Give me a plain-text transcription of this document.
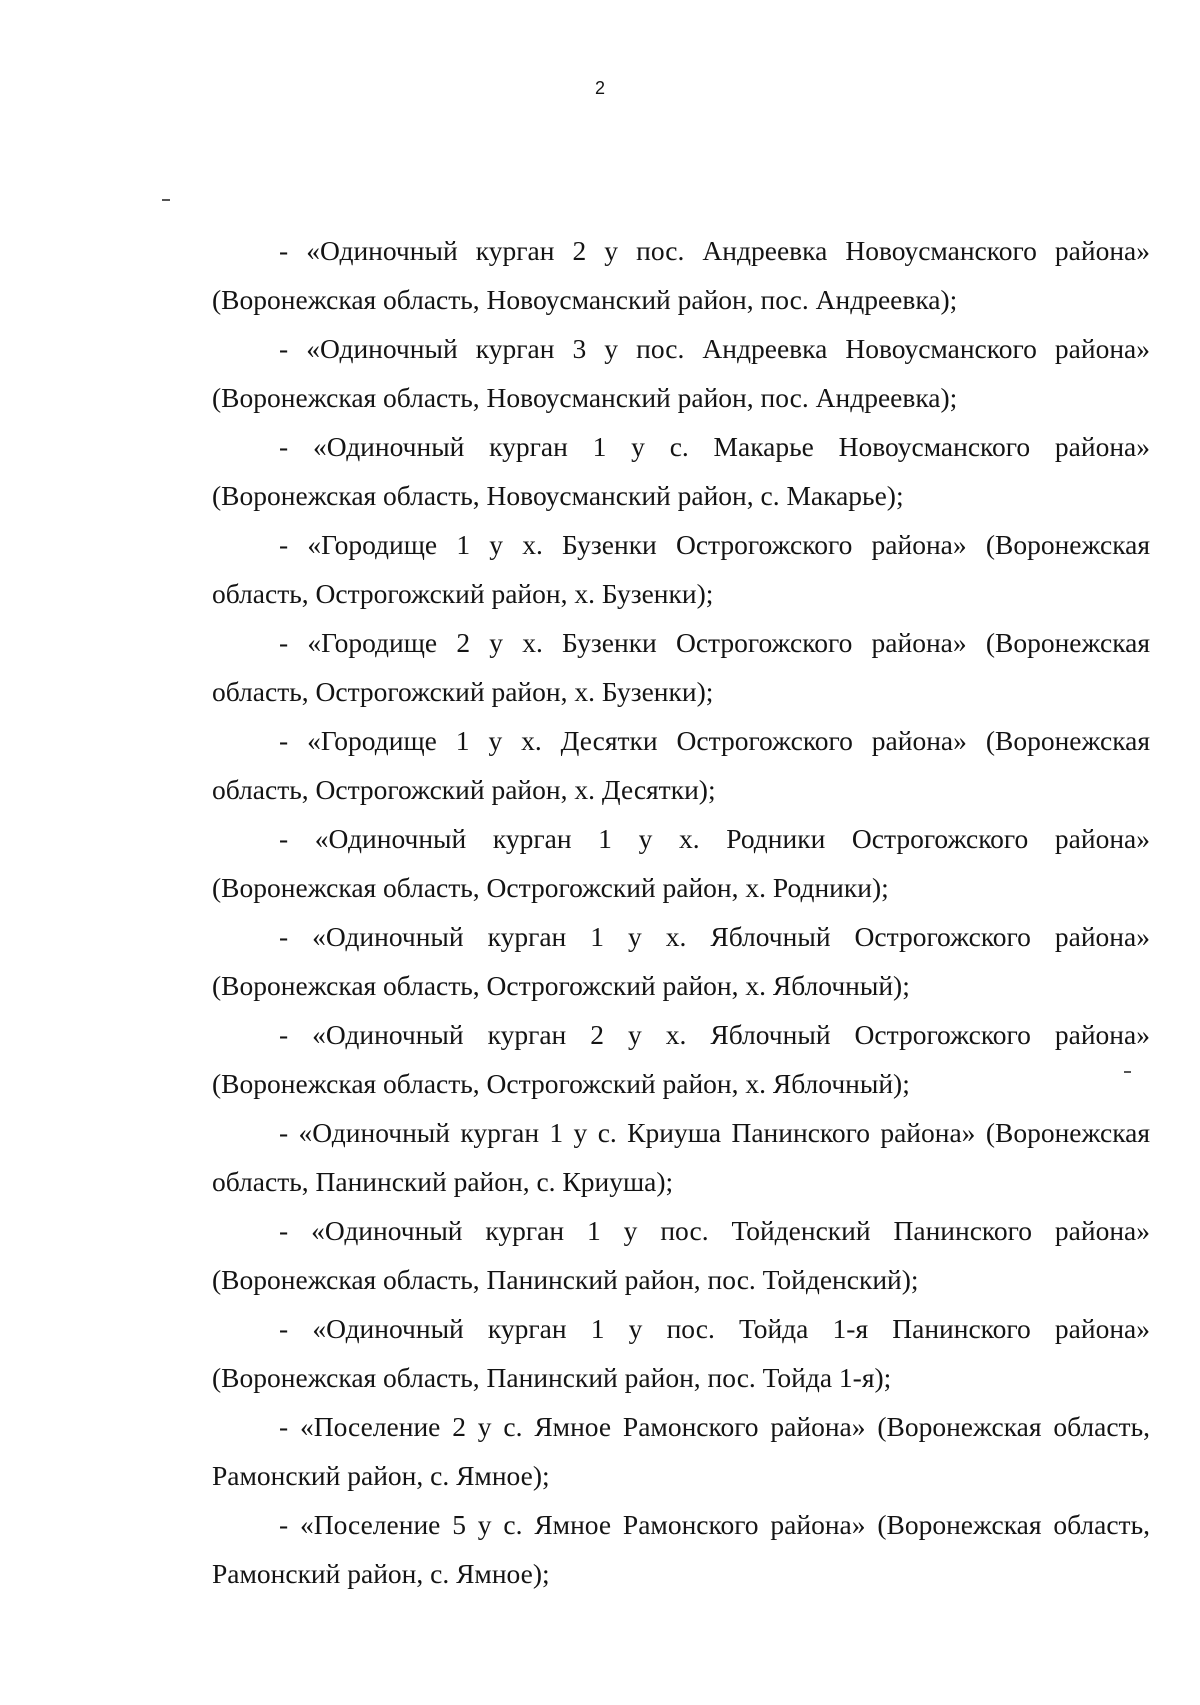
2
- «Одиночный курган 2 у пос. Андреевка Новоусманского района» (Воронежская область, Новоусманский район, пос. Андреевка);
- «Одиночный курган 3 у пос. Андреевка Новоусманского района» (Воронежская область, Новоусманский район, пос. Андреевка);
- «Одиночный курган 1 у с. Макарье Новоусманского района» (Воронежская область, Новоусманский район, с. Макарье);
- «Городище 1 у х. Бузенки Острогожского района» (Воронежская область, Острогожский район, х. Бузенки);
- «Городище 2 у х. Бузенки Острогожского района» (Воронежская область, Острогожский район, х. Бузенки);
- «Городище 1 у х. Десятки Острогожского района» (Воронежская область, Острогожский район, х. Десятки);
- «Одиночный курган 1 у х. Родники Острогожского района» (Воронежская область, Острогожский район, х. Родники);
- «Одиночный курган 1 у х. Яблочный Острогожского района» (Воронежская область, Острогожский район, х. Яблочный);
- «Одиночный курган 2 у х. Яблочный Острогожского района» (Воронежская область, Острогожский район, х. Яблочный);
- «Одиночный курган 1 у с. Криуша Панинского района» (Воронежская область, Панинский район, с. Криуша);
- «Одиночный курган 1 у пос. Тойденский Панинского района» (Воронежская область, Панинский район, пос. Тойденский);
- «Одиночный курган 1 у пос. Тойда 1-я Панинского района» (Воронежская область, Панинский район, пос. Тойда 1-я);
- «Поселение 2 у с. Ямное Рамонского района» (Воронежская область, Рамонский район, с. Ямное);
- «Поселение 5 у с. Ямное Рамонского района» (Воронежская область, Рамонский район, с. Ямное);
